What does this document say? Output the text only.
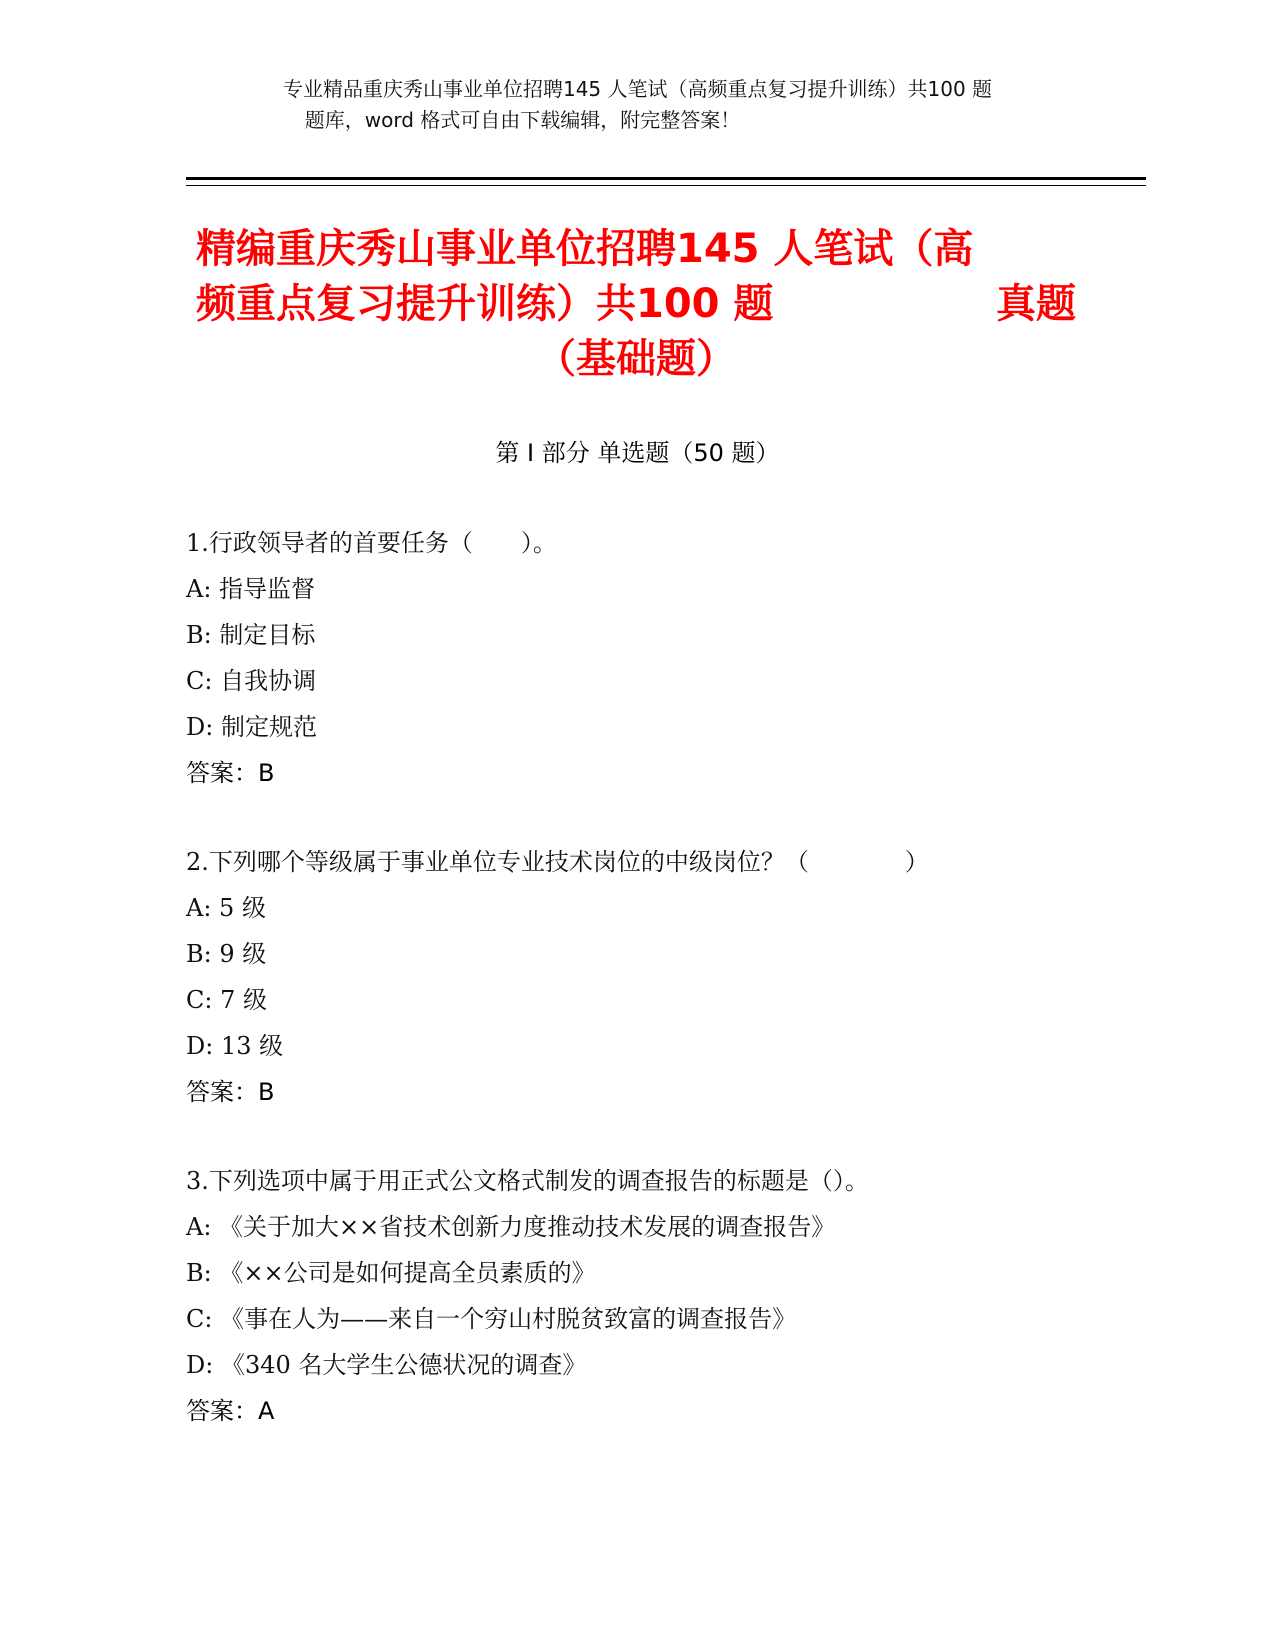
专业精品重庆秀山事业单位招聘145 人笔试（高频重点复习提升训练）共100 题

题库，word 格式可自由下载编辑，附完整答案！
精编重庆秀山事业单位招聘145 人笔试（高
频重点复习提升训练）共100 题	真题
（基础题）
第 I 部分 单选题（50 题）
1.行政领导者的首要任务（　　）。
A: 指导监督
B: 制定目标
C: 自我协调
D: 制定规范
答案：B
2.下列哪个等级属于事业单位专业技术岗位的中级岗位？（　　　　）
A: 5 级
B: 9 级
C: 7 级
D: 13 级
答案：B
3.下列选项中属于用正式公文格式制发的调查报告的标题是（）。
A: 《关于加大××省技术创新力度推动技术发展的调查报告》
B: 《××公司是如何提高全员素质的》
C: 《事在人为——来自一个穷山村脱贫致富的调查报告》
D: 《340 名大学生公德状况的调查》
答案：A
